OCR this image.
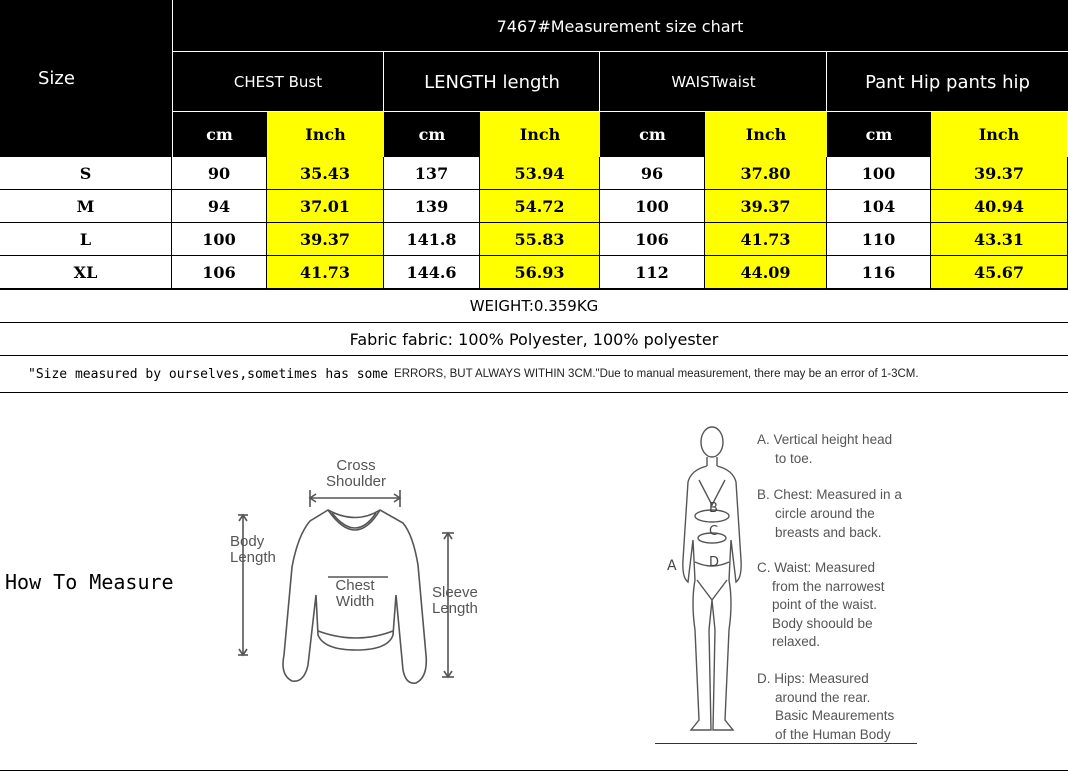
Size
7467#Measurement size chart
CHEST Bust	LENGTH length	WAISTwaist	Pant Hip pants hip
cm	Inch	cm	Inch	cm	Inch	cm	Inch
S	90	35.43	137	53.94	96	37.80	100	39.37
M	94	37.01	139	54.72	100	39.37	104	40.94
L	100	39.37	141.8	55.83	106	41.73	110	43.31
XL	106	41.73	144.6	56.93	112	44.09	116	45.67
WEIGHT:0.359KG
Fabric fabric: 100% Polyester, 100% polyester
"Size measured by ourselves,sometimes has some ERRORS, BUT ALWAYS WITHIN 3CM."Due to manual measurement, there may be an error of 1-3CM.
How To Measure
Cross
Shoulder
Body
Length
Chest
Width
Sleeve
Length
A
B
C
D
A. Vertical height head
to toe.
B. Chest: Measured in a
circle around the
breasts and back.
C. Waist: Measured
from the narrowest
point of the waist.
Body shoould be
relaxed.
D. Hips: Measured
around the rear.
Basic Meaurements
of the Human Body
